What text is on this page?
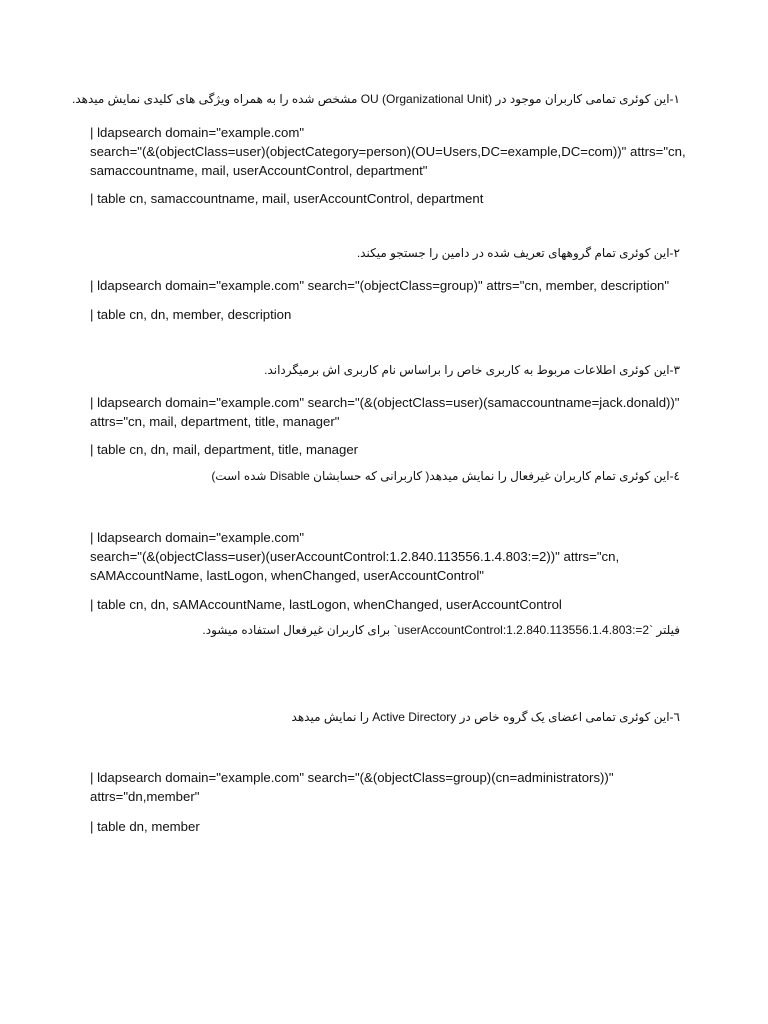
۱-این کوئری تمامی کاربران موجود در OU (Organizational Unit) مشخص شده را به همراه ویژگی های کلیدی نمایش میدهد.

| ldapsearch domain="example.com"

search="(&(objectClass=user)(objectCategory=person)(OU=Users,DC=example,DC=com))" attrs="cn,

samaccountname, mail, userAccountControl, department"

| table cn, samaccountname, mail, userAccountControl, department

۲-این کوئری تمام گروههای تعریف شده در دامین را جستجو میکند.

| ldapsearch domain="example.com" search="(objectClass=group)" attrs="cn, member, description"

| table cn, dn, member, description

۳-این کوئری اطلاعات مربوط به کاربری خاص را براساس نام کاربری اش برمیگرداند.

| ldapsearch domain="example.com" search="(&(objectClass=user)(samaccountname=jack.donald))"

attrs="cn, mail, department, title, manager"

| table cn, dn, mail, department, title, manager

٤-این کوئری تمام کاربران غیرفعال را نمایش میدهد( کاربرانی که حسابشان Disable شده است)

| ldapsearch domain="example.com"

search="(&(objectClass=user)(userAccountControl:1.2.840.113556.1.4.803:=2))" attrs="cn,

sAMAccountName, lastLogon, whenChanged, userAccountControl"

| table cn, dn, sAMAccountName, lastLogon, whenChanged, userAccountControl

فیلتر `userAccountControl:1.2.840.113556.1.4.803:=2` برای کاربران غیرفعال استفاده میشود.

٦-این کوئری تمامی اعضای یک گروه خاص در Active Directory را نمایش میدهد

| ldapsearch domain="example.com" search="(&(objectClass=group)(cn=administrators))"

attrs="dn,member"

| table dn, member
